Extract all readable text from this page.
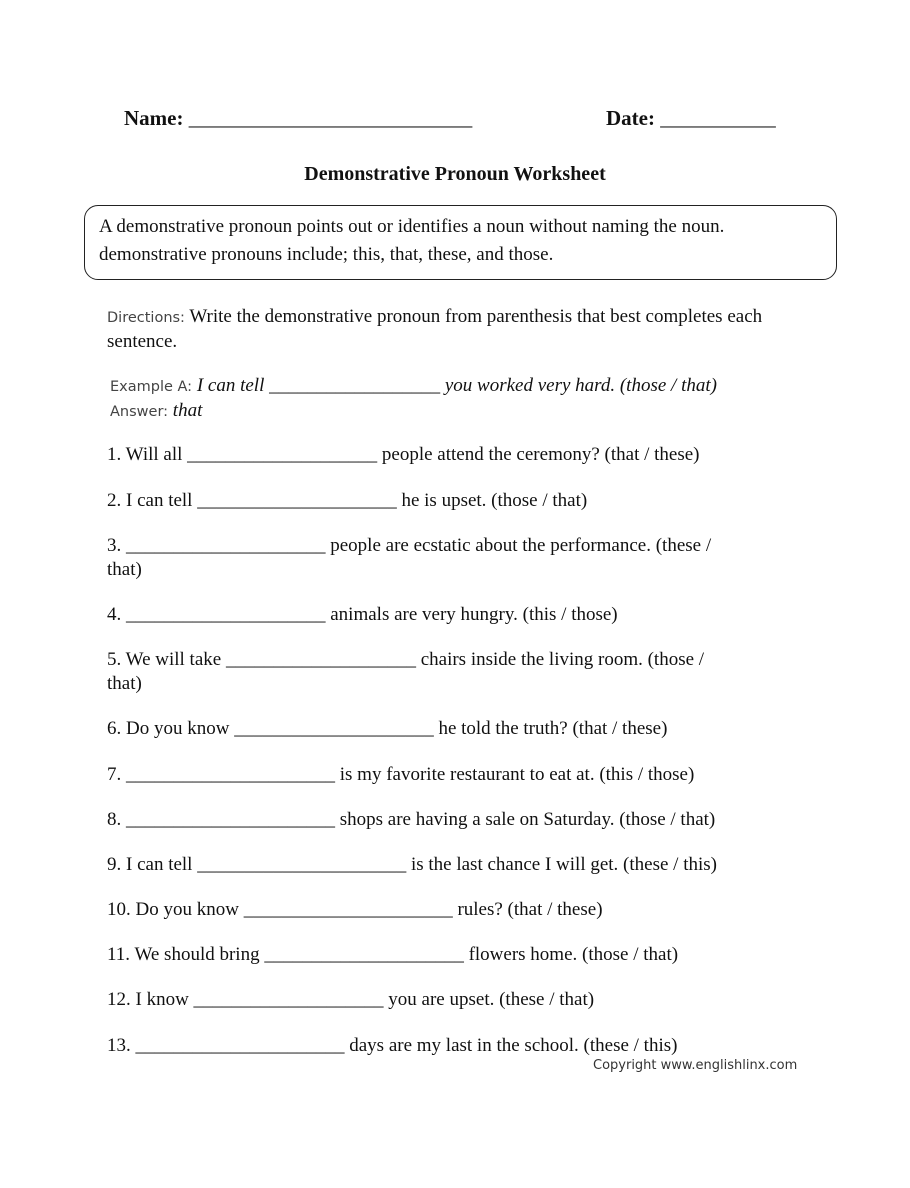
Name: ___________________________	Date: ___________
Demonstrative Pronoun Worksheet
A demonstrative pronoun points out or identifies a noun without naming the noun.
demonstrative pronouns include; this, that, these, and those.
Directions: Write the demonstrative pronoun from parenthesis that best completes each sentence.
Example A: I can tell __________________ you worked very hard. (those / that)
Answer: that
1. Will all ____________________ people attend the ceremony? (that / these)
2. I can tell _____________________ he is upset. (those / that)
3. _____________________ people are ecstatic about the performance. (these /
that)
4. _____________________ animals are very hungry. (this / those)
5. We will take ____________________ chairs inside the living room. (those /
that)
6. Do you know _____________________ he told the truth? (that / these)
7. ______________________ is my favorite restaurant to eat at. (this / those)
8. ______________________ shops are having a sale on Saturday. (those / that)
9. I can tell ______________________ is the last chance I will get. (these / this)
10. Do you know ______________________ rules? (that / these)
11. We should bring _____________________ flowers home. (those / that)
12. I know ____________________ you are upset. (these / that)
13. ______________________ days are my last in the school. (these / this)
Copyright www.englishlinx.com
